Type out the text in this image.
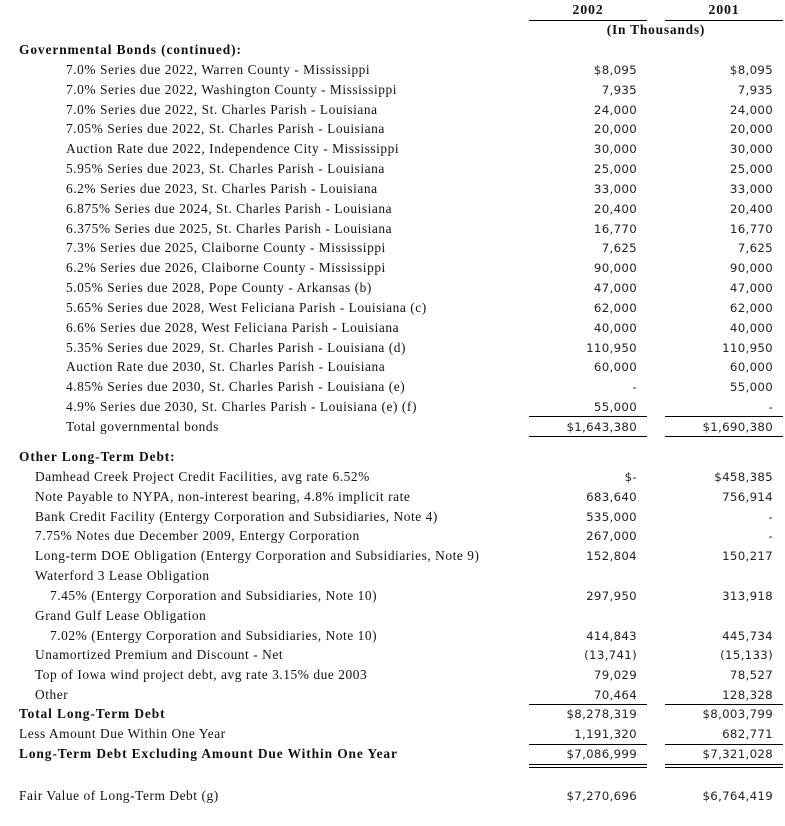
2002	2001
(In Thousands)
Governmental Bonds (continued):
7.0% Series due 2022, Warren County - Mississippi	$8,095	$8,095
7.0% Series due 2022, Washington County - Mississippi	7,935	7,935
7.0% Series due 2022, St. Charles Parish - Louisiana	24,000	24,000
7.05% Series due 2022, St. Charles Parish - Louisiana	20,000	20,000
Auction Rate due 2022, Independence City - Mississippi	30,000	30,000
5.95% Series due 2023, St. Charles Parish - Louisiana	25,000	25,000
6.2% Series due 2023, St. Charles Parish - Louisiana	33,000	33,000
6.875% Series due 2024, St. Charles Parish - Louisiana	20,400	20,400
6.375% Series due 2025, St. Charles Parish - Louisiana	16,770	16,770
7.3% Series due 2025, Claiborne County - Mississippi	7,625	7,625
6.2% Series due 2026, Claiborne County - Mississippi	90,000	90,000
5.05% Series due 2028, Pope County - Arkansas (b)	47,000	47,000
5.65% Series due 2028, West Feliciana Parish - Louisiana (c)	62,000	62,000
6.6% Series due 2028, West Feliciana Parish - Louisiana	40,000	40,000
5.35% Series due 2029, St. Charles Parish - Louisiana (d)	110,950	110,950
Auction Rate due 2030, St. Charles Parish - Louisiana	60,000	60,000
4.85% Series due 2030, St. Charles Parish - Louisiana (e)	-	55,000
4.9% Series due 2030, St. Charles Parish - Louisiana (e) (f)	55,000	-
Total governmental bonds	$1,643,380	$1,690,380
Other Long-Term Debt:
Damhead Creek Project Credit Facilities, avg rate 6.52%	$-	$458,385
Note Payable to NYPA, non-interest bearing, 4.8% implicit rate	683,640	756,914
Bank Credit Facility (Entergy Corporation and Subsidiaries, Note 4)	535,000	-
7.75% Notes due December 2009, Entergy Corporation	267,000	-
Long-term DOE Obligation (Entergy Corporation and Subsidiaries, Note 9)	152,804	150,217
Waterford 3 Lease Obligation
7.45% (Entergy Corporation and Subsidiaries, Note 10)	297,950	313,918
Grand Gulf Lease Obligation
7.02% (Entergy Corporation and Subsidiaries, Note 10)	414,843	445,734
Unamortized Premium and Discount - Net	(13,741)	(15,133)
Top of Iowa wind project debt, avg rate 3.15% due 2003	79,029	78,527
Other	70,464	128,328
Total Long-Term Debt	$8,278,319	$8,003,799
Less Amount Due Within One Year	1,191,320	682,771
Long-Term Debt Excluding Amount Due Within One Year	$7,086,999	$7,321,028
Fair Value of Long-Term Debt (g)	$7,270,696	$6,764,419
